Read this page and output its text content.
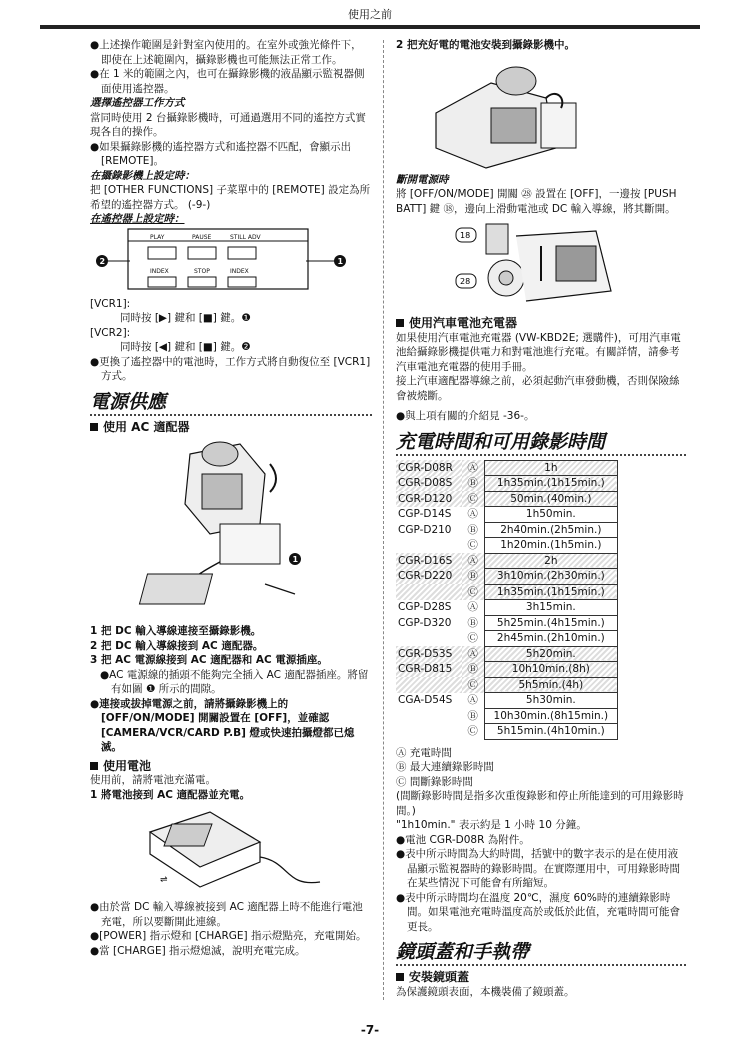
使用之前

●上述操作範圍是針對室內使用的。在室外或強光條件下，即使在上述範圍內，攝錄影機也可能無法正常工作。

●在 1 米的範圍之內，也可在攝錄影機的液晶顯示監視器側面使用遙控器。

選擇遙控器工作方式

當同時使用 2 台攝錄影機時，可通過選用不同的遙控方式實現各自的操作。

●如果攝錄影機的遙控器方式和遙控器不匹配，會顯示出 [REMOTE]。

在攝錄影機上設定時：

把 [OTHER FUNCTIONS] 子菜單中的 [REMOTE] 設定為所希望的遙控器方式。 (-9-)

在遙控器上設定時：

2	1
PLAY	PAUSE	STILL ADV
INDEX	STOP	INDEX

[VCR1]:

同時按 [▶] 鍵和 [■] 鍵。❶

[VCR2]:

同時按 [◀] 鍵和 [■] 鍵。❷

●更換了遙控器中的電池時，工作方式將自動復位至 [VCR1] 方式。

電源供應

使用 AC 適配器

1

1 把 DC 輸入導線連接至攝錄影機。

2 把 DC 輸入導線接到 AC 適配器。

3 把 AC 電源線接到 AC 適配器和 AC 電源插座。

●AC 電源線的插頭不能夠完全插入 AC 適配器插座。將留有如圖 ❶ 所示的間隙。

●連接或拔掉電源之前，請將攝錄影機上的 [OFF/ON/MODE] 開關設置在 [OFF]，並確認 [CAMERA/VCR/CARD P.B] 燈或快速拍攝燈都已熄滅。

使用電池

使用前，請將電池充滿電。

1 將電池接到 AC 適配器並充電。

⇌

●由於當 DC 輸入導線被接到 AC 適配器上時不能進行電池充電，所以要斷開此連線。

●[POWER] 指示燈和 [CHARGE] 指示燈點亮，充電開始。

●當 [CHARGE] 指示燈熄滅，說明充電完成。

2 把充好電的電池安裝到攝錄影機中。

斷開電源時

將 [OFF/ON/MODE] 開關 ㉘ 設置在 [OFF]，一邊按 [PUSH BATT] 鍵 ⑱，邊向上滑動電池或 DC 輸入導線，將其斷開。

18
28

使用汽車電池充電器

如果使用汽車電池充電器 (VW-KBD2E; 選購件)，可用汽車電池給攝錄影機提供電力和對電池進行充電。有關詳情，請參考汽車電池充電器的使用手冊。

接上汽車適配器導線之前，必須起動汽車發動機，否則保險絲會被燒斷。

●與上項有關的介紹見 -36-。

充電時間和可用錄影時間
CGR-D08R	Ⓐ	1h
CGR-D08S	Ⓑ	1h35min.(1h15min.)
CGR-D120	Ⓒ	50min.(40min.)
CGP-D14S	Ⓐ	1h50min.
CGP-D210	Ⓑ	2h40min.(2h5min.)
	Ⓒ	1h20min.(1h5min.)
CGR-D16S	Ⓐ	2h
CGR-D220	Ⓑ	3h10min.(2h30min.)
	Ⓒ	1h35min.(1h15min.)
CGP-D28S	Ⓐ	3h15min.
CGP-D320	Ⓑ	5h25min.(4h15min.)
	Ⓒ	2h45min.(2h10min.)
CGR-D53S	Ⓐ	5h20min.
CGR-D815	Ⓑ	10h10min.(8h)
	Ⓒ	5h5min.(4h)
CGA-D54S	Ⓐ	5h30min.
	Ⓑ	10h30min.(8h15min.)
	Ⓒ	5h15min.(4h10min.)

Ⓐ 充電時間

Ⓑ 最大連續錄影時間

Ⓒ 間斷錄影時間

(間斷錄影時間是指多次重復錄影和停止所能達到的可用錄影時間。)

"1h10min." 表示約是 1 小時 10 分鐘。

●電池 CGR-D08R 為附件。

●表中所示時間為大約時間，括號中的數字表示的是在使用液晶顯示監視器時的錄影時間。在實際運用中，可用錄影時間在某些情況下可能會有所縮短。

●表中所示時間均在溫度 20℃，濕度 60%時的連續錄影時間。如果電池充電時溫度高於或低於此值，充電時間可能會更長。

鏡頭蓋和手執帶

安裝鏡頭蓋

為保護鏡頭表面，本機裝備了鏡頭蓋。

-7-
